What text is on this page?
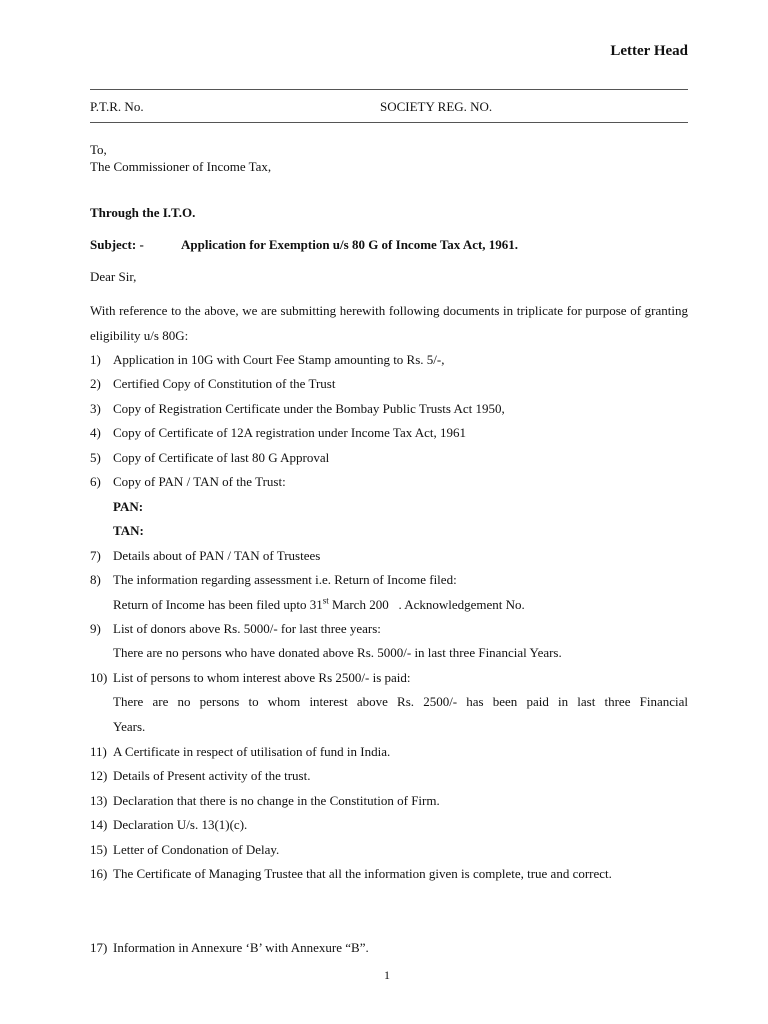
Letter Head
P.T.R. No.	SOCIETY REG. NO.
To,
The Commissioner of Income Tax,
Through the I.T.O.
Subject: -	Application for Exemption u/s 80 G of Income Tax Act, 1961.
Dear Sir,
With reference to the above, we are submitting herewith following documents in triplicate for purpose of granting eligibility u/s 80G:
1) Application in 10G with Court Fee Stamp amounting to Rs. 5/-,
2) Certified Copy of Constitution of the Trust
3) Copy of Registration Certificate under the Bombay Public Trusts Act 1950,
4) Copy of Certificate of 12A registration under Income Tax Act, 1961
5) Copy of Certificate of last 80 G Approval
6) Copy of PAN / TAN of the Trust:
PAN:
TAN:
7) Details about of PAN / TAN of Trustees
8) The information regarding assessment i.e. Return of Income filed:
Return of Income has been filed upto 31st March 200   . Acknowledgement No.
9) List of donors above Rs. 5000/- for last three years:
There are no persons who have donated above Rs. 5000/- in last three Financial Years.
10) List of persons to whom interest above Rs 2500/- is paid:
There are no persons to whom interest above Rs. 2500/- has been paid in last three Financial
Years.
11) A Certificate in respect of utilisation of fund in India.
12) Details of Present activity of the trust.
13) Declaration that there is no change in the Constitution of Firm.
14) Declaration U/s. 13(1)(c).
15) Letter of Condonation of Delay.
16) The Certificate of Managing Trustee that all the information given is complete, true and correct.
17) Information in Annexure ‘B’ with Annexure “B”.
1
